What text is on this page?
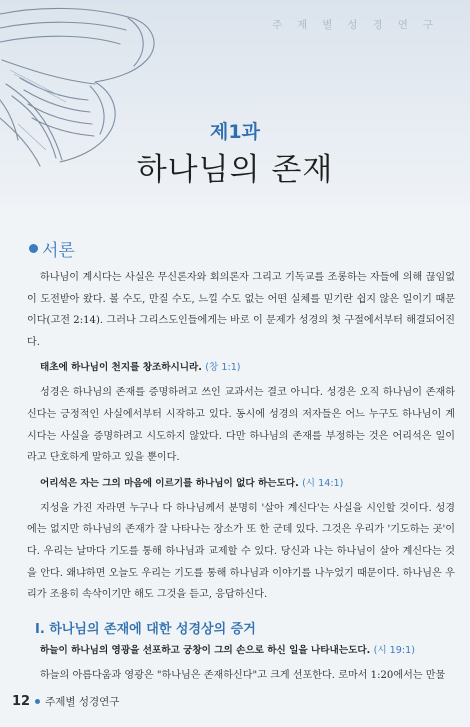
주제별성경연구
제1과
하나님의 존재
서론

하나님이 계시다는 사실은 무신론자와 회의론자 그리고 기독교를 조롱하는 자들에 의해 끊임없이 도전받아 왔다. 볼 수도, 만질 수도, 느낄 수도 없는 어떤 실체를 믿기란 쉽지 않은 일이기 때문이다(고전 2:14). 그러나 그리스도인들에게는 바로 이 문제가 성경의 첫 구절에서부터 해결되어진다.

태초에 하나님이 천지를 창조하시니라. (창 1:1)

성경은 하나님의 존재를 증명하려고 쓰인 교과서는 결코 아니다. 성경은 오직 하나님이 존재하신다는 긍정적인 사실에서부터 시작하고 있다. 동시에 성경의 저자들은 어느 누구도 하나님이 계시다는 사실을 증명하려고 시도하지 않았다. 다만 하나님의 존재를 부정하는 것은 어리석은 일이라고 단호하게 말하고 있을 뿐이다.

어리석은 자는 그의 마음에 이르기를 하나님이 없다 하는도다. (시 14:1)

지성을 가진 자라면 누구나 다 하나님께서 분명히 '살아 계신다'는 사실을 시인할 것이다. 성경에는 없지만 하나님의 존재가 잘 나타나는 장소가 또 한 군데 있다. 그것은 우리가 '기도하는 곳'이다. 우리는 날마다 기도를 통해 하나님과 교제할 수 있다. 당신과 나는 하나님이 살아 계신다는 것을 안다. 왜냐하면 오늘도 우리는 기도를 통해 하나님과 이야기를 나누었기 때문이다. 하나님은 우리가 조용히 속삭이기만 해도 그것을 듣고, 응답하신다.

I. 하나님의 존재에 대한 성경상의 증거

하늘이 하나님의 영광을 선포하고 궁창이 그의 손으로 하신 일을 나타내는도다. (시 19:1)

하늘의 아름다움과 영광은 "하나님은 존재하신다"고 크게 선포한다. 로마서 1:20에서는 만물

12 주제별 성경연구
